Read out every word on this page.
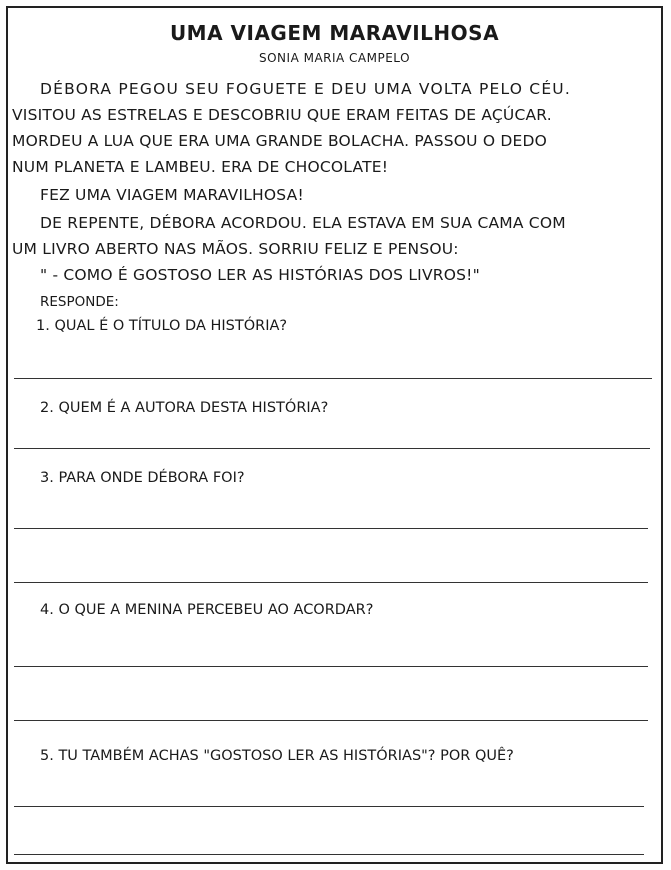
UMA VIAGEM MARAVILHOSA
SONIA MARIA CAMPELO
DÉBORA PEGOU SEU FOGUETE E DEU UMA VOLTA PELO CÉU.
VISITOU AS ESTRELAS E DESCOBRIU QUE ERAM FEITAS DE AÇÚCAR.
MORDEU A LUA QUE ERA UMA GRANDE BOLACHA. PASSOU O DEDO
NUM PLANETA E LAMBEU. ERA DE CHOCOLATE!
FEZ UMA VIAGEM MARAVILHOSA!
DE REPENTE, DÉBORA ACORDOU. ELA ESTAVA EM SUA CAMA COM
UM LIVRO ABERTO NAS MÃOS. SORRIU FELIZ E PENSOU:
" - COMO É GOSTOSO LER AS HISTÓRIAS DOS LIVROS!"
RESPONDE:
1. QUAL É O TÍTULO DA HISTÓRIA?
2. QUEM É A AUTORA DESTA HISTÓRIA?
3. PARA ONDE DÉBORA FOI?
4. O QUE A MENINA PERCEBEU AO ACORDAR?
5. TU TAMBÉM ACHAS "GOSTOSO LER AS HISTÓRIAS"? POR QUÊ?
